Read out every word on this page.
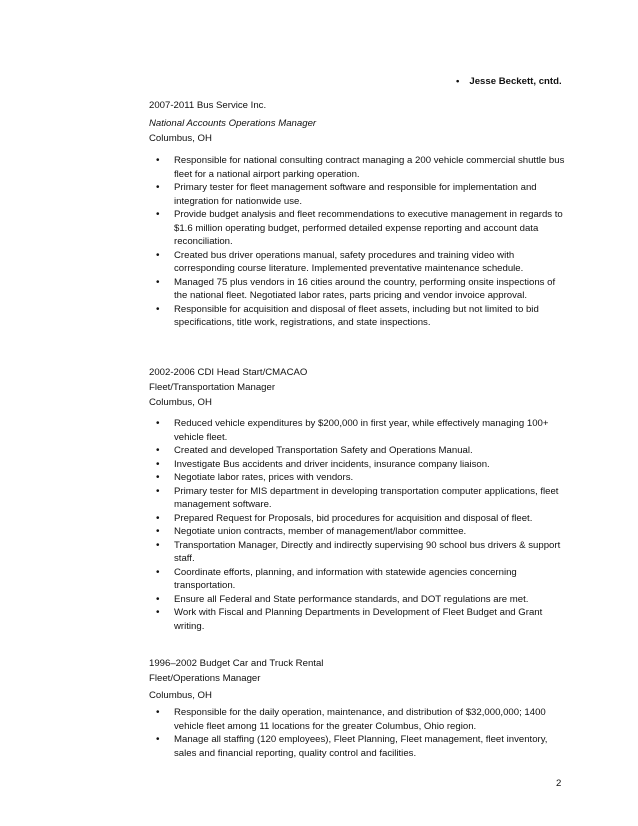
• Jesse Beckett, cntd.
2007-2011 Bus Service Inc.
National Accounts Operations Manager
Columbus, OH
• Responsible for national consulting contract managing a 200 vehicle commercial shuttle bus fleet for a national airport parking operation.
• Primary tester for fleet management software and responsible for implementation and integration for nationwide use.
• Provide budget analysis and fleet recommendations to executive management in regards to $1.6 million operating budget, performed detailed expense reporting and account data reconciliation.
• Created bus driver operations manual, safety procedures and training video with corresponding course literature. Implemented preventative maintenance schedule.
• Managed 75 plus vendors in 16 cities around the country, performing onsite inspections of the national fleet. Negotiated labor rates, parts pricing and vendor invoice approval.
• Responsible for acquisition and disposal of fleet assets, including but not limited to bid specifications, title work, registrations, and state inspections.
2002-2006 CDI Head Start/CMACAO
Fleet/Transportation Manager
Columbus, OH
• Reduced vehicle expenditures by $200,000 in first year, while effectively managing 100+ vehicle fleet.
• Created and developed Transportation Safety and Operations Manual.
• Investigate Bus accidents and driver incidents, insurance company liaison.
• Negotiate labor rates, prices with vendors.
• Primary tester for MIS department in developing transportation computer applications, fleet management software.
• Prepared Request for Proposals, bid procedures for acquisition and disposal of fleet.
• Negotiate union contracts, member of management/labor committee.
• Transportation Manager, Directly and indirectly supervising 90 school bus drivers & support staff.
• Coordinate efforts, planning, and information with statewide agencies concerning transportation.
• Ensure all Federal and State performance standards, and DOT regulations are met.
• Work with Fiscal and Planning Departments in Development of Fleet Budget and Grant writing.
1996–2002 Budget Car and Truck Rental
Fleet/Operations Manager
Columbus, OH
• Responsible for the daily operation, maintenance, and distribution of $32,000,000; 1400 vehicle fleet among 11 locations for the greater Columbus, Ohio region.
• Manage all staffing (120 employees), Fleet Planning, Fleet management, fleet inventory, sales and financial reporting, quality control and facilities.
2
